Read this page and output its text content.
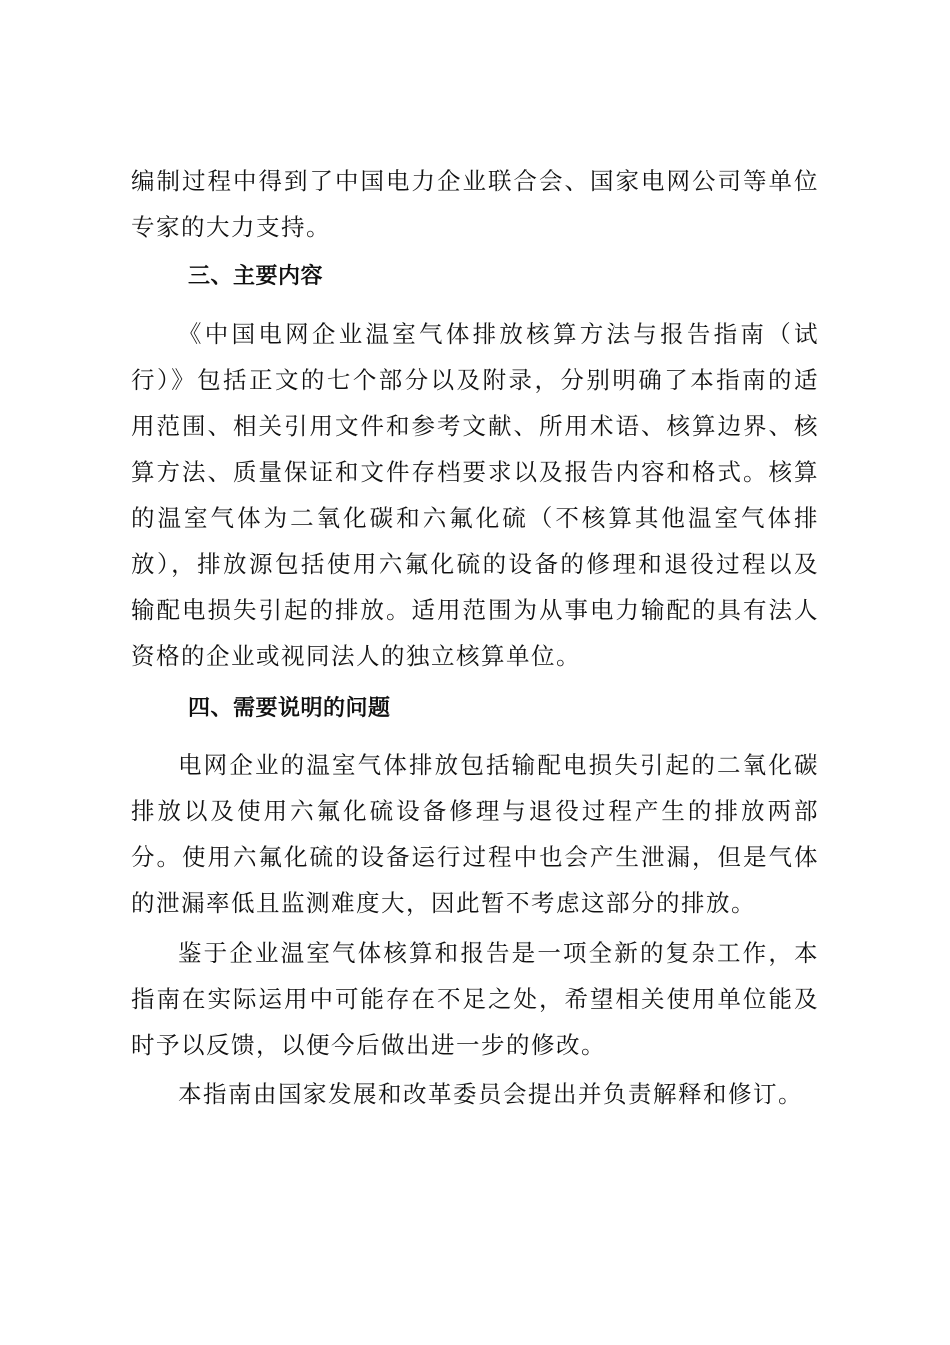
编制过程中得到了中国电力企业联合会、国家电网公司等单位专家的大力支持。

三、主要内容

《中国电网企业温室气体排放核算方法与报告指南（试行）》包括正文的七个部分以及附录，分别明确了本指南的适用范围、相关引用文件和参考文献、所用术语、核算边界、核算方法、质量保证和文件存档要求以及报告内容和格式。核算的温室气体为二氧化碳和六氟化硫（不核算其他温室气体排放），排放源包括使用六氟化硫的设备的修理和退役过程以及输配电损失引起的排放。适用范围为从事电力输配的具有法人资格的企业或视同法人的独立核算单位。

四、需要说明的问题

电网企业的温室气体排放包括输配电损失引起的二氧化碳排放以及使用六氟化硫设备修理与退役过程产生的排放两部分。使用六氟化硫的设备运行过程中也会产生泄漏，但是气体的泄漏率低且监测难度大，因此暂不考虑这部分的排放。

鉴于企业温室气体核算和报告是一项全新的复杂工作，本指南在实际运用中可能存在不足之处，希望相关使用单位能及时予以反馈，以便今后做出进一步的修改。

本指南由国家发展和改革委员会提出并负责解释和修订。
